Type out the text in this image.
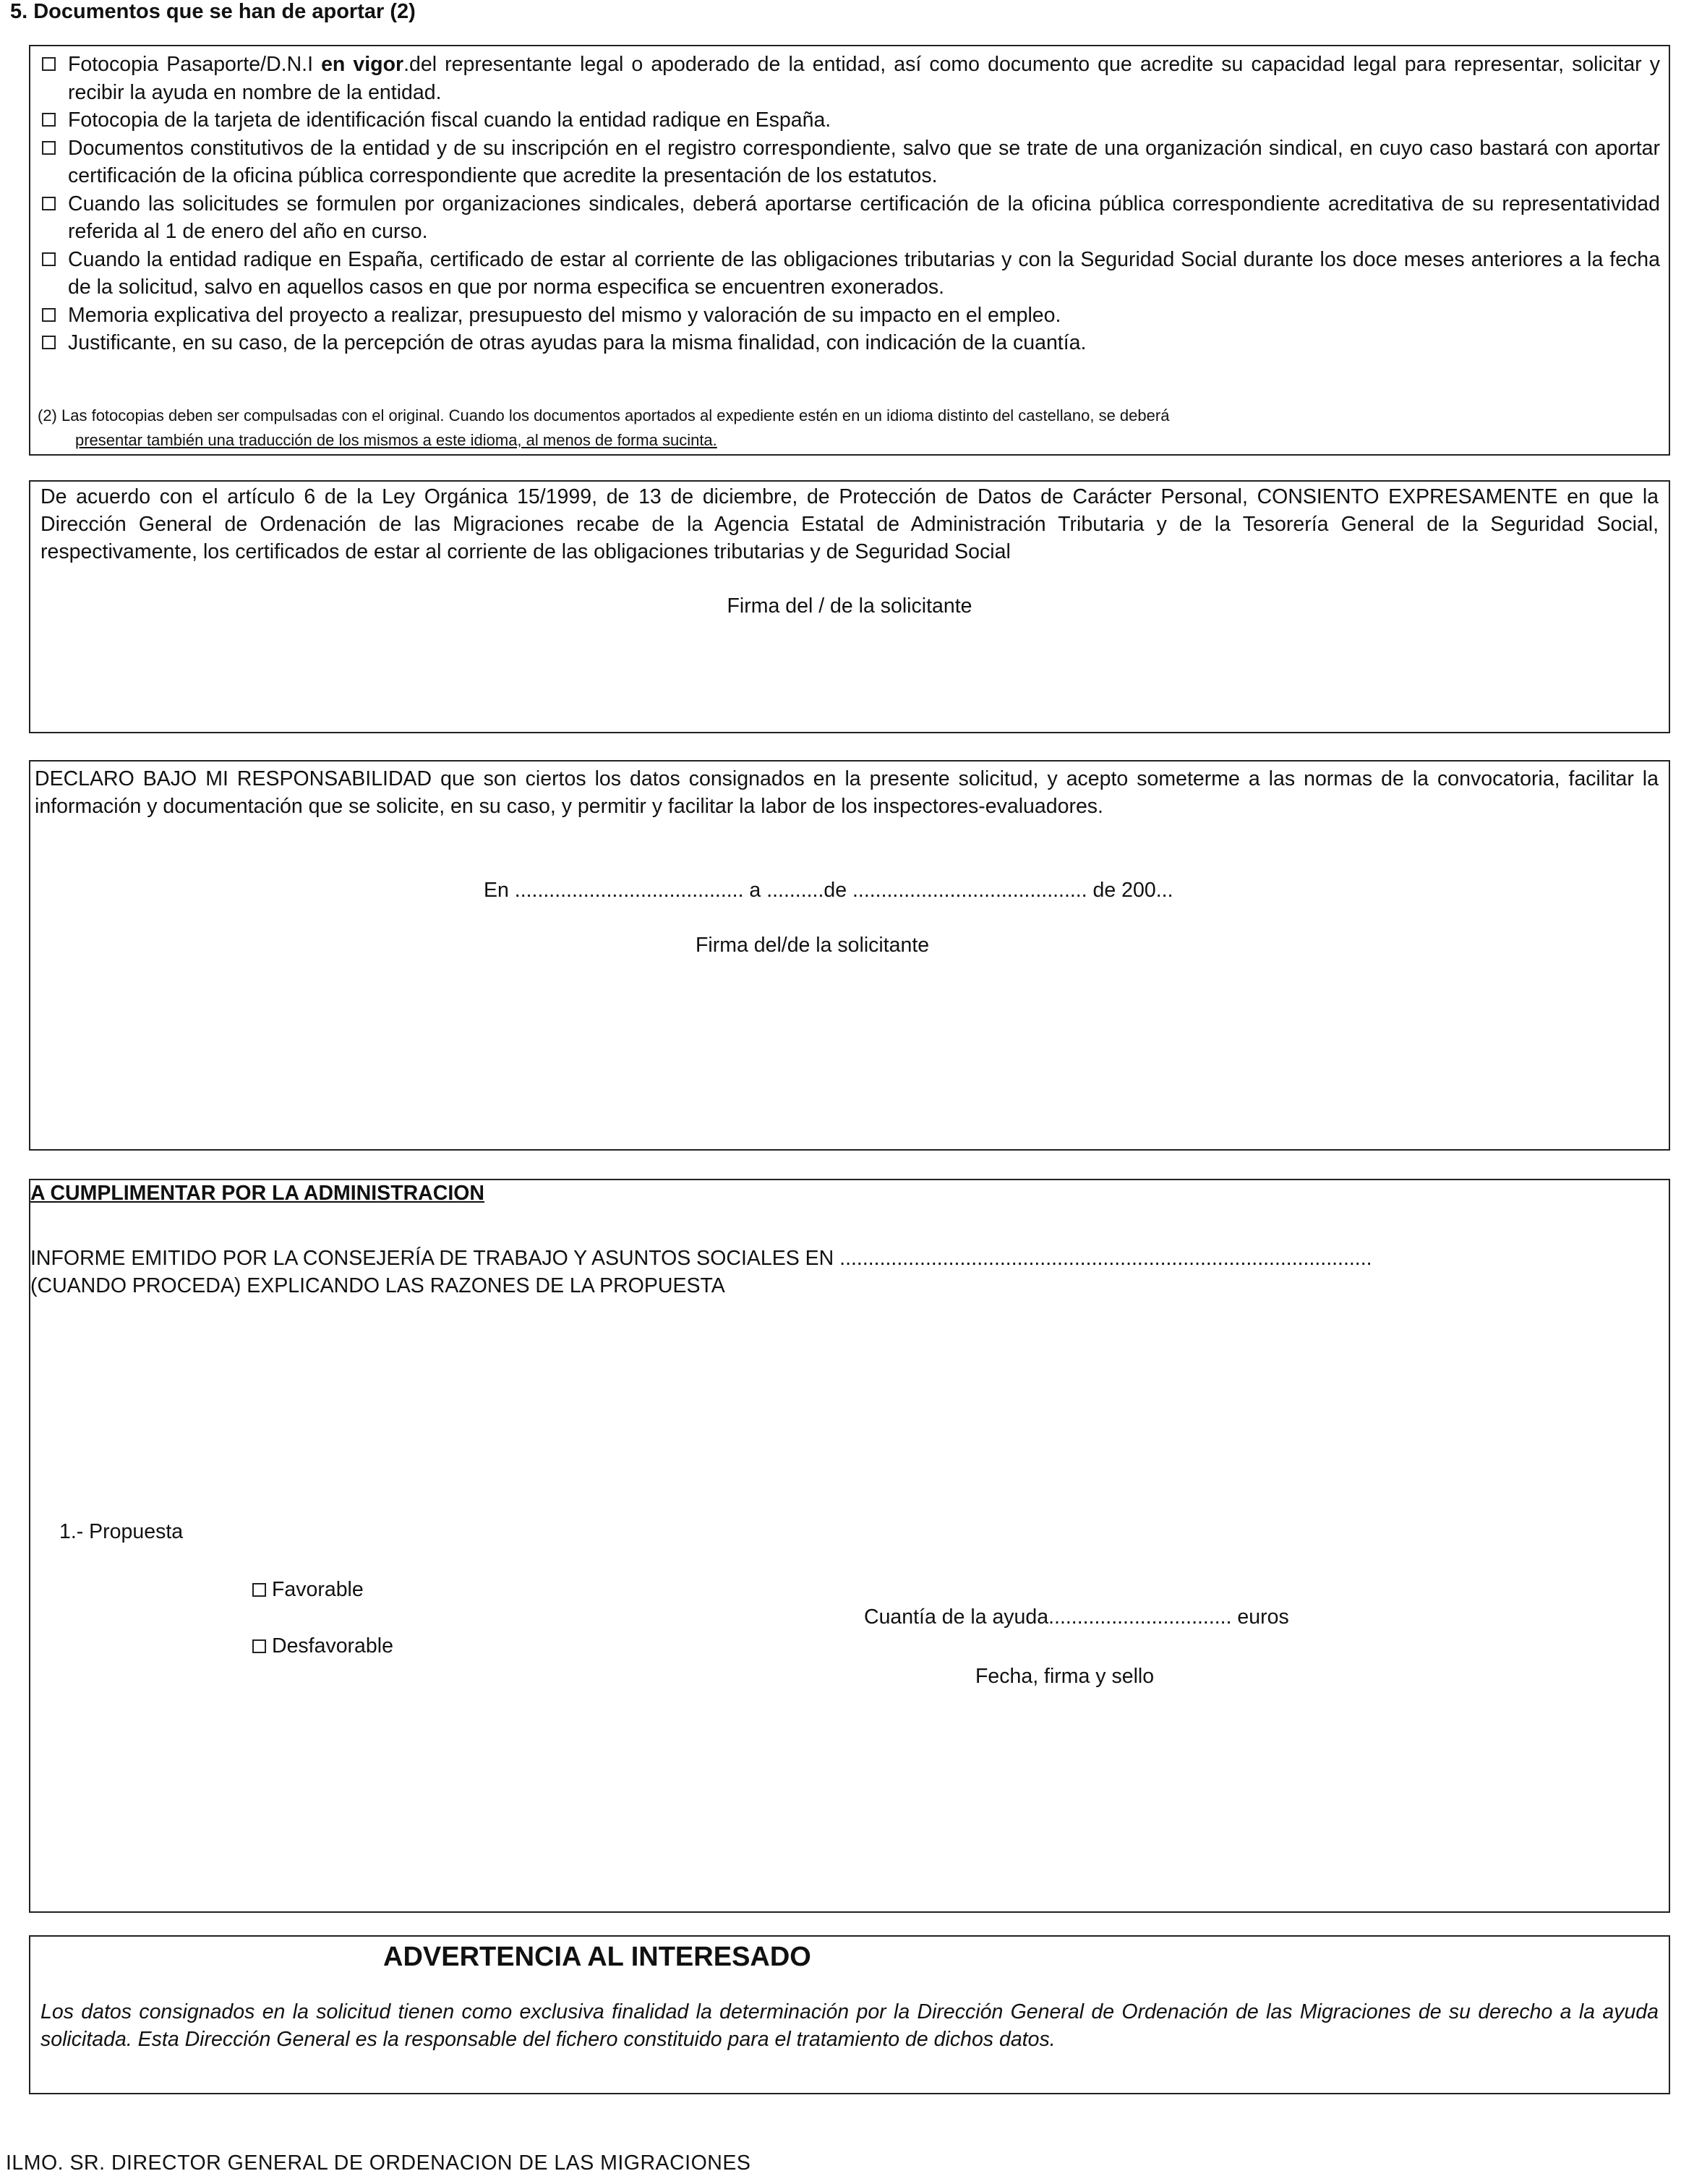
5. Documentos que se han de aportar (2)
Fotocopia Pasaporte/D.N.I en vigor.del representante legal o apoderado de la entidad, así como documento que acredite su capacidad legal para representar, solicitar y recibir la ayuda en nombre de la entidad.
Fotocopia de la tarjeta de identificación fiscal cuando la entidad radique en España.
Documentos constitutivos de la entidad y de su inscripción en el registro correspondiente, salvo que se trate de una organización sindical, en cuyo caso bastará con aportar certificación de la oficina pública correspondiente que acredite la presentación de los estatutos.
Cuando las solicitudes se formulen por organizaciones sindicales, deberá aportarse certificación de la oficina pública correspondiente acreditativa de su representatividad referida al 1 de enero del año en curso.
Cuando la entidad radique en España, certificado de estar al corriente de las obligaciones tributarias y con la Seguridad Social durante los doce meses anteriores a la fecha de la solicitud, salvo en aquellos casos en que por norma especifica se encuentren exonerados.
Memoria explicativa del proyecto a realizar, presupuesto del mismo y valoración de su impacto en el empleo.
Justificante, en su caso, de la percepción de otras ayudas para la misma finalidad, con indicación de la cuantía.
(2) Las fotocopias deben ser compulsadas con el original. Cuando los documentos aportados al expediente estén en un idioma distinto del castellano, se deberá
presentar también una traducción de los mismos a este idioma, al menos de forma sucinta.
De acuerdo con el artículo 6 de la Ley Orgánica 15/1999, de 13 de diciembre, de Protección de Datos de Carácter Personal, CONSIENTO EXPRESAMENTE en que la Dirección General de Ordenación de las Migraciones recabe de la Agencia Estatal de Administración Tributaria y de la Tesorería General de la Seguridad Social, respectivamente, los certificados de estar al corriente de las obligaciones tributarias y de Seguridad Social
Firma del / de la solicitante
DECLARO BAJO MI RESPONSABILIDAD que son ciertos los datos consignados en la presente solicitud, y acepto someterme a las normas de la convocatoria, facilitar la información y documentación que se solicite, en su caso, y permitir y facilitar la labor de los inspectores-evaluadores.
En ........................................ a ..........de ......................................... de 200...
Firma del/de la solicitante
A CUMPLIMENTAR POR LA ADMINISTRACION
INFORME EMITIDO POR LA CONSEJERÍA DE TRABAJO Y ASUNTOS SOCIALES EN .............................................................................................
(CUANDO PROCEDA) EXPLICANDO LAS RAZONES DE LA PROPUESTA
1.- Propuesta
Favorable
Desfavorable
Cuantía de la ayuda................................ euros
Fecha, firma y sello
ADVERTENCIA AL INTERESADO
Los datos consignados en la solicitud tienen como exclusiva finalidad la determinación por la Dirección General de Ordenación de las Migraciones de su derecho a la ayuda solicitada. Esta Dirección General es la responsable del fichero constituido para el tratamiento de dichos datos.
ILMO. SR. DIRECTOR GENERAL DE ORDENACION DE LAS MIGRACIONES
